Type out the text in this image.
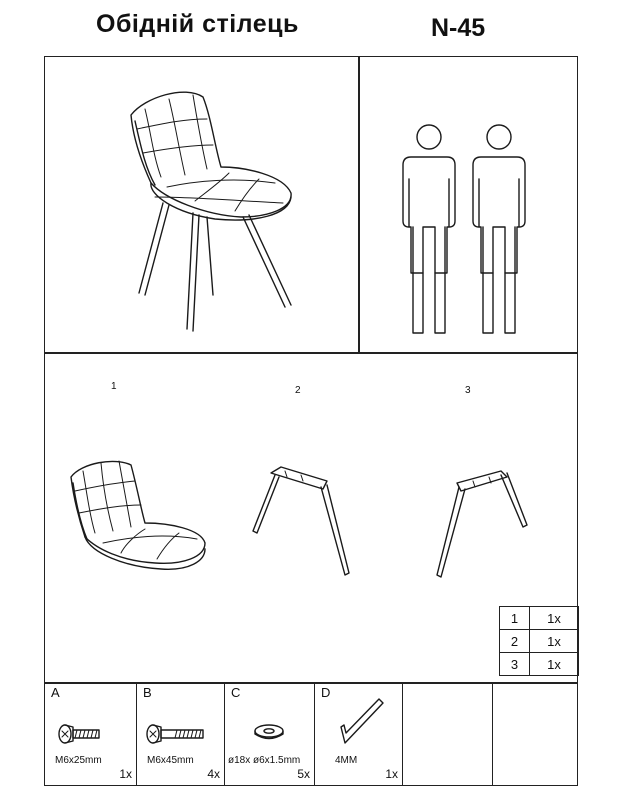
Обідній стілець	N-45
1	2	3
1	1x
2	1x
3	1x
A
M6x25mm
1x
B
M6x45mm
4x
C
ø18x ø6x1.5mm
5x
D
4MM
1x
